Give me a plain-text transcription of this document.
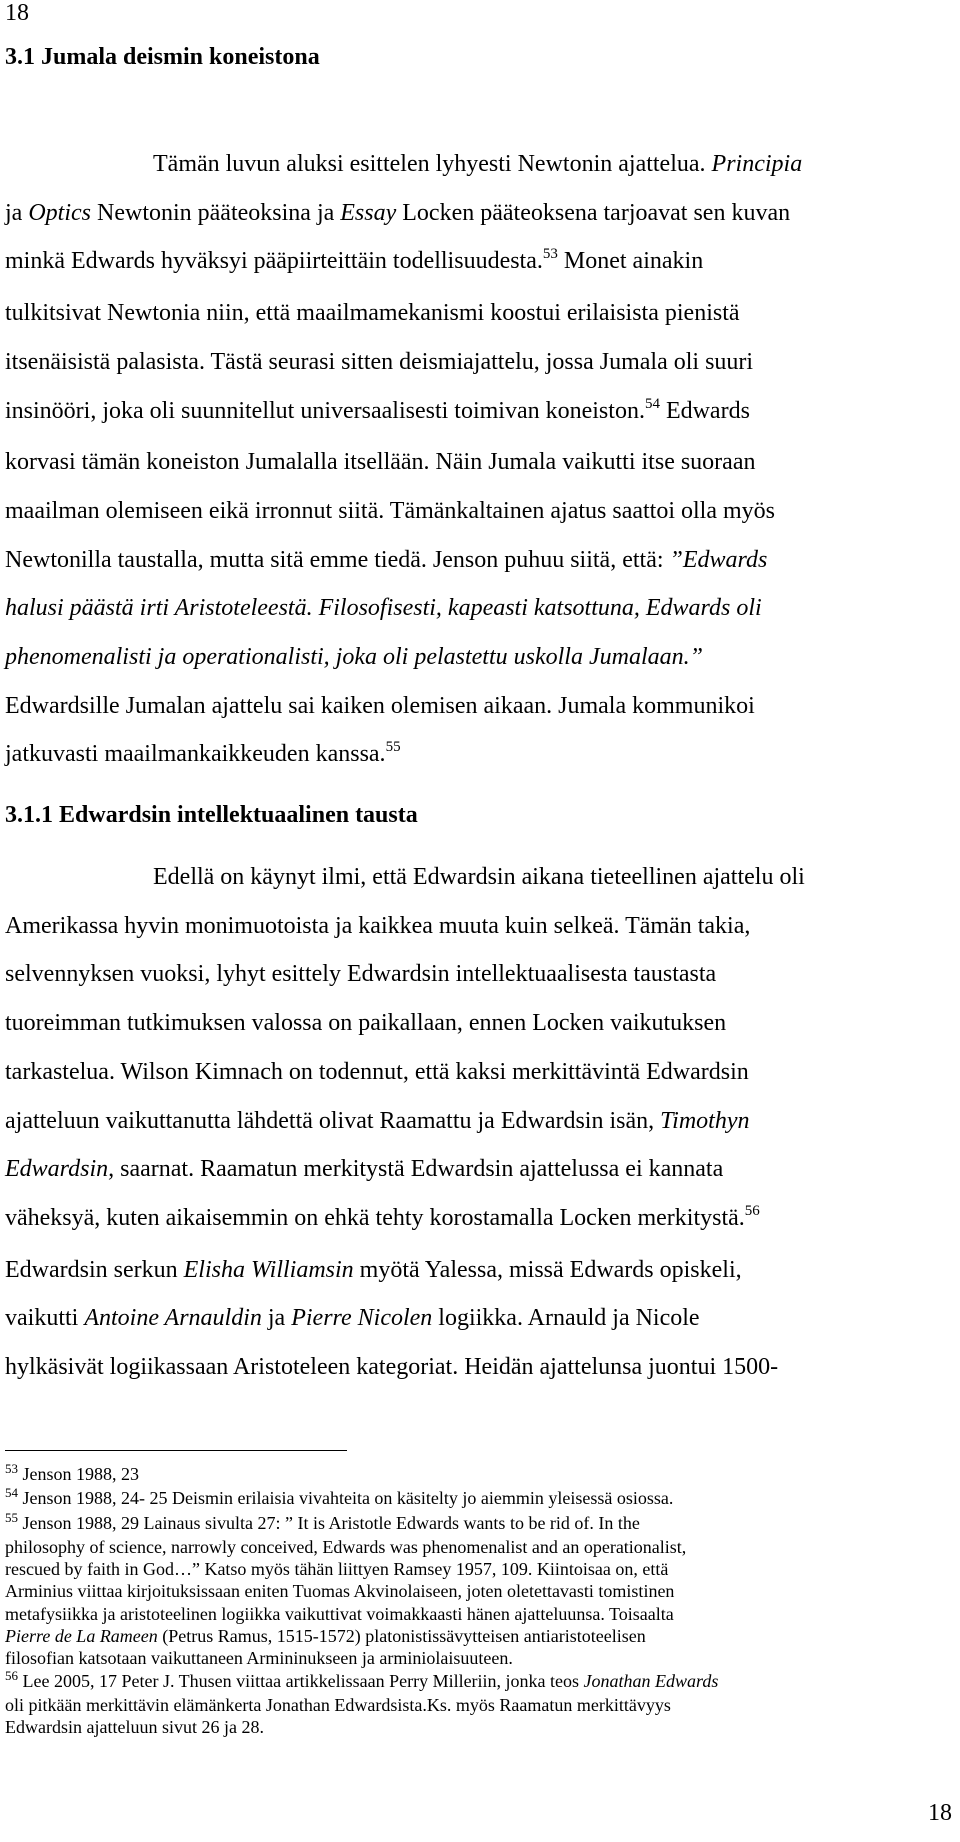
18
3.1 Jumala deismin koneistona
Tämän luvun aluksi esittelen lyhyesti Newtonin ajattelua. Principia
ja Optics Newtonin pääteoksina ja Essay Locken pääteoksena tarjoavat sen kuvan
minkä Edwards hyväksyi pääpiirteittäin todellisuudesta.$^{53}$ Monet ainakin
tulkitsivat Newtonia niin, että maailmamekanismi koostui erilaisista pienistä
itsenäisistä palasista. Tästä seurasi sitten deismiajattelu, jossa Jumala oli suuri
insinööri, joka oli suunnitellut universaalisesti toimivan koneiston.$^{54}$ Edwards
korvasi tämän koneiston Jumalalla itsellään. Näin Jumala vaikutti itse suoraan
maailman olemiseen eikä irronnut siitä. Tämänkaltainen ajatus saattoi olla myös
Newtonilla taustalla, mutta sitä emme tiedä. Jenson puhuu siitä, että: ”Edwards
halusi päästä irti Aristoteleestä. Filosofisesti, kapeasti katsottuna, Edwards oli
phenomenalisti ja operationalisti, joka oli pelastettu uskolla Jumalaan.”
Edwardsille Jumalan ajattelu sai kaiken olemisen aikaan. Jumala kommunikoi
jatkuvasti maailmankaikkeuden kanssa.$^{55}$
3.1.1 Edwardsin intellektuaalinen tausta
Edellä on käynyt ilmi, että Edwardsin aikana tieteellinen ajattelu oli
Amerikassa hyvin monimuotoista ja kaikkea muuta kuin selkeä. Tämän takia,
selvennyksen vuoksi, lyhyt esittely Edwardsin intellektuaalisesta taustasta
tuoreimman tutkimuksen valossa on paikallaan, ennen Locken vaikutuksen
tarkastelua. Wilson Kimnach on todennut, että kaksi merkittävintä Edwardsin
ajatteluun vaikuttanutta lähdettä olivat Raamattu ja Edwardsin isän, Timothyn
Edwardsin, saarnat. Raamatun merkitystä Edwardsin ajattelussa ei kannata
väheksyä, kuten aikaisemmin on ehkä tehty korostamalla Locken merkitystä.$^{56}$
Edwardsin serkun Elisha Williamsin myötä Yalessa, missä Edwards opiskeli,
vaikutti Antoine Arnauldin ja Pierre Nicolen logiikka. Arnauld ja Nicole
hylkäsivät logiikassaan Aristoteleen kategoriat. Heidän ajattelunsa juontui 1500-
$^{53}$ Jenson 1988, 23
$^{54}$ Jenson 1988, 24- 25 Deismin erilaisia vivahteita on käsitelty jo aiemmin yleisessä osiossa.
$^{55}$ Jenson 1988, 29 Lainaus sivulta 27: ” It is Aristotle Edwards wants to be rid of. In the
philosophy of science, narrowly conceived, Edwards was phenomenalist and an operationalist,
rescued by faith in God…” Katso myös tähän liittyen Ramsey 1957, 109. Kiintoisaa on, että
Arminius viittaa kirjoituksissaan eniten Tuomas Akvinolaiseen, joten oletettavasti tomistinen
metafysiikka ja aristoteelinen logiikka vaikuttivat voimakkaasti hänen ajatteluunsa. Toisaalta
Pierre de La Rameen (Petrus Ramus, 1515-1572) platonistissävytteisen antiaristoteelisen
filosofian katsotaan vaikuttaneen Armininukseen ja arminiolaisuuteen.
$^{56}$ Lee 2005, 17 Peter J. Thusen viittaa artikkelissaan Perry Milleriin, jonka teos Jonathan Edwards
oli pitkään merkittävin elämänkerta Jonathan Edwardsista.Ks. myös Raamatun merkittävyys
Edwardsin ajatteluun sivut 26 ja 28.
18
